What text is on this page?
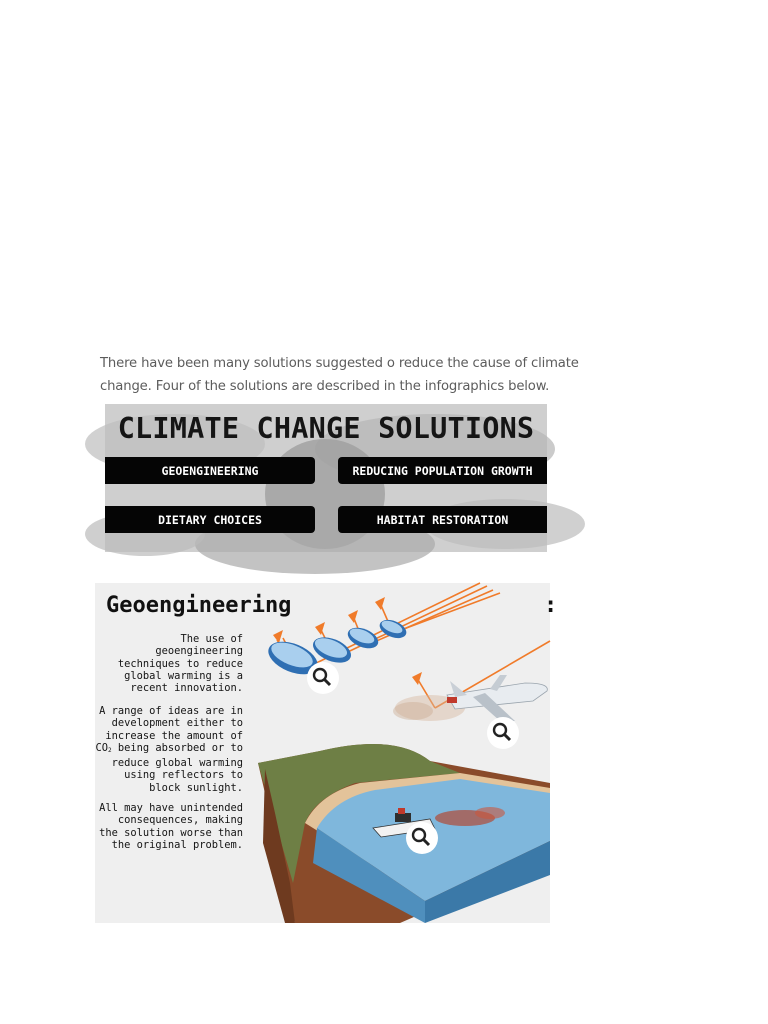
There have been many solutions suggested o reduce the cause of climate
change. Four of the solutions are described in the infographics below.
CLIMATE CHANGE SOLUTIONS
GEOENGINEERING	REDUCING POPULATION GROWTH
DIETARY CHOICES	HABITAT RESTORATION
Geoengineering	:
The use of
geoengineering
techniques to reduce
global warming is a
recent innovation.
A range of ideas are in
development either to
increase the amount of
$CO_2$ being absorbed or to
reduce global warming
using reflectors to
block sunlight.
All may have unintended
consequences, making
the solution worse than
the original problem.
